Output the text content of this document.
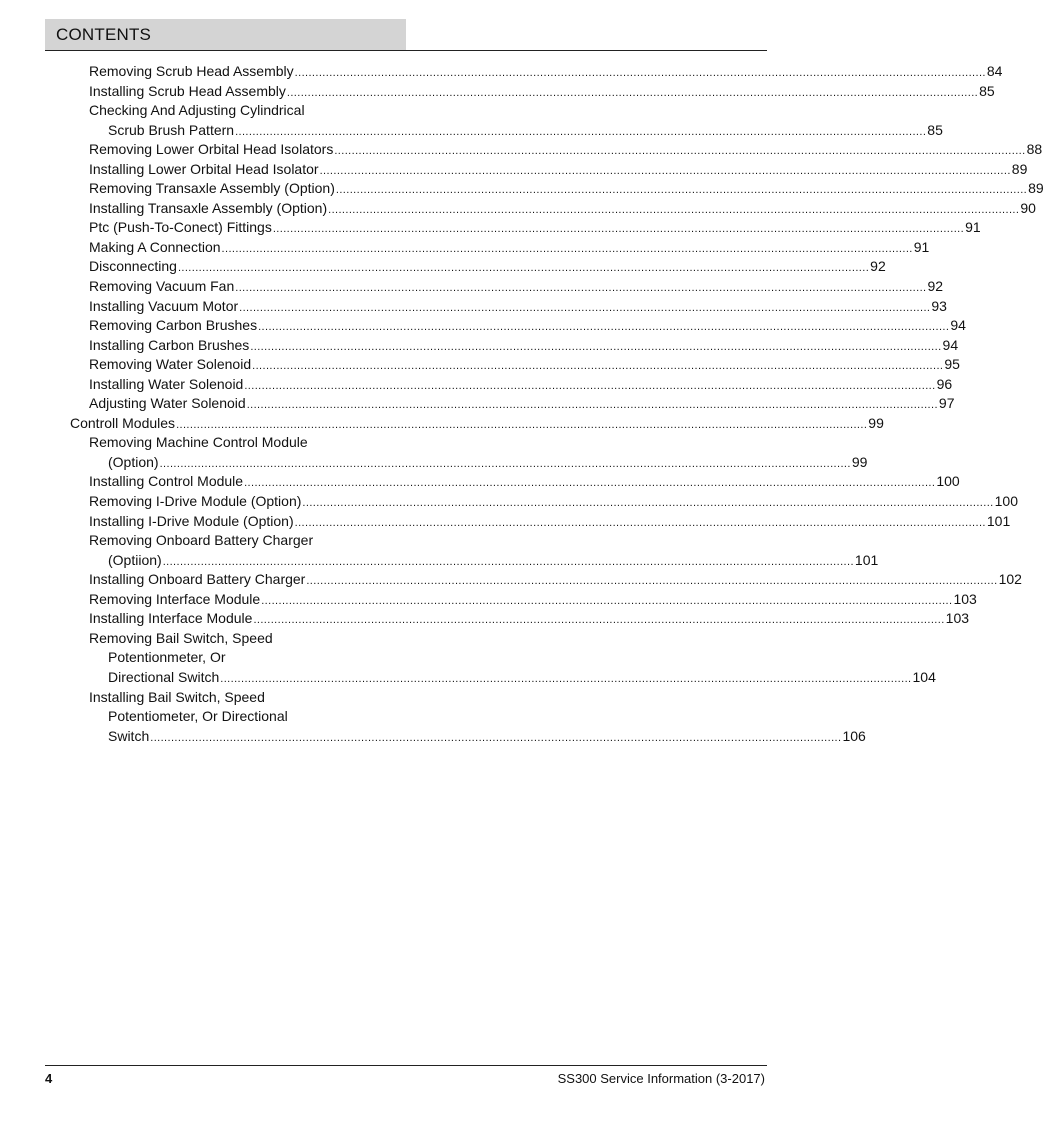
CONTENTS
Removing Scrub Head Assembly ........................................................................................................................................................................................................ 84
Installing Scrub Head Assembly ........................................................................................................................................................................................................ 85
Checking And Adjusting Cylindrical
Scrub Brush Pattern ........................................................................................................................................................................................................ 85
Removing Lower Orbital Head Isolators ........................................................................................................................................................................................................ 88
Installing Lower Orbital Head Isolator ........................................................................................................................................................................................................ 89
Removing Transaxle Assembly (Option) ........................................................................................................................................................................................................ 89
Installing Transaxle Assembly (Option) ........................................................................................................................................................................................................ 90
Ptc (Push-To-Conect) Fittings ........................................................................................................................................................................................................ 91
Making A Connection ........................................................................................................................................................................................................ 91
Disconnecting ........................................................................................................................................................................................................ 92
Removing Vacuum Fan ........................................................................................................................................................................................................ 92
Installing Vacuum Motor ........................................................................................................................................................................................................ 93
Removing Carbon Brushes ........................................................................................................................................................................................................ 94
Installing Carbon Brushes ........................................................................................................................................................................................................ 94
Removing Water Solenoid ........................................................................................................................................................................................................ 95
Installing Water Solenoid ........................................................................................................................................................................................................ 96
Adjusting Water Solenoid ........................................................................................................................................................................................................ 97
Controll Modules ........................................................................................................................................................................................................ 99
Removing Machine Control Module
(Option) ........................................................................................................................................................................................................ 99
Installing Control Module ........................................................................................................................................................................................................ 100
Removing I-Drive Module (Option) ........................................................................................................................................................................................................ 100
Installing I-Drive Module (Option) ........................................................................................................................................................................................................ 101
Removing Onboard Battery Charger
(Optiion) ........................................................................................................................................................................................................ 101
Installing Onboard Battery Charger ........................................................................................................................................................................................................ 102
Removing Interface Module ........................................................................................................................................................................................................ 103
Installing Interface Module ........................................................................................................................................................................................................ 103
Removing Bail Switch, Speed
Potentionmeter, Or
Directional Switch ........................................................................................................................................................................................................ 104
Installing Bail Switch, Speed
Potentiometer, Or Directional
Switch ........................................................................................................................................................................................................ 106
4	SS300 Service Information (3-2017)
